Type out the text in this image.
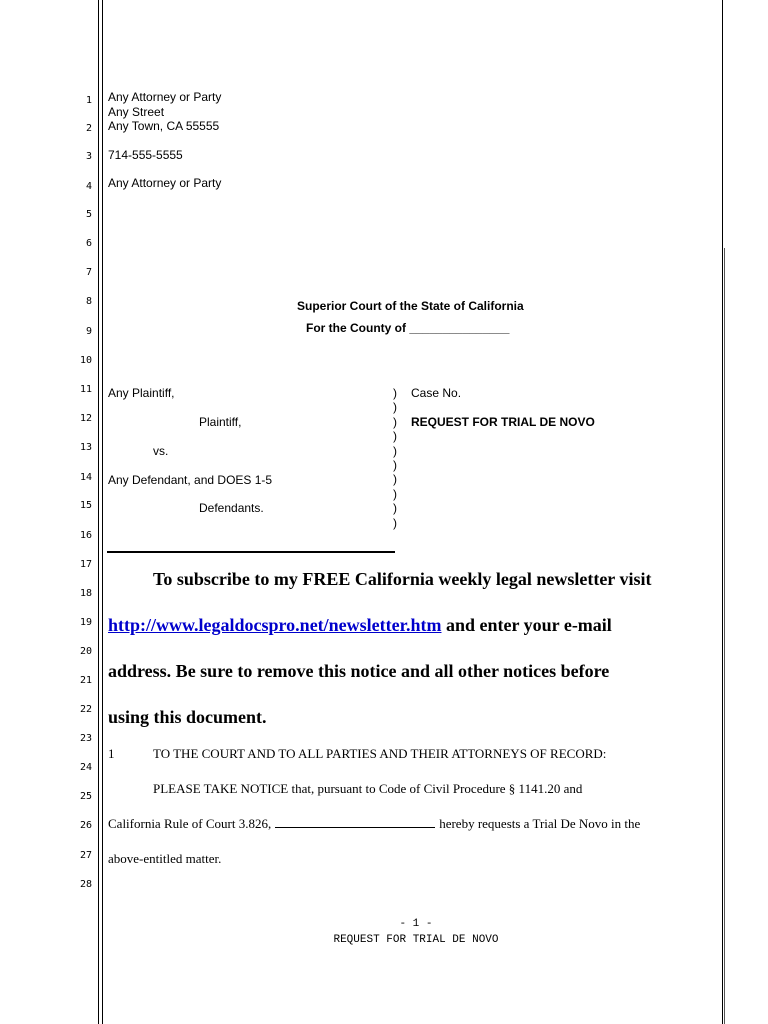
1
2
3
4
5
6
7
8
9
10
11
12
13
14
15
16
17
18
19
20
21
22
23
24
25
26
27
28
Any Attorney or Party
Any Street
Any Town, CA 55555
714-555-5555
Any Attorney or Party
Superior Court of the State of California
For the County of _______________
Any Plaintiff,
Plaintiff,
vs.
Any Defendant, and DOES 1-5
Defendants.
)
)
)
)
)
)
)
)
)
)
Case No.
REQUEST FOR TRIAL DE NOVO
To subscribe to my FREE California weekly legal newsletter visit
http://www.legaldocspro.net/newsletter.htm and enter your e-mail
address. Be sure to remove this notice and all other notices before
using this document.
1	TO THE COURT AND TO ALL PARTIES AND THEIR ATTORNEYS OF RECORD:
PLEASE TAKE NOTICE that, pursuant to Code of Civil Procedure § 1141.20 and
California Rule of Court 3.826,	hereby requests a Trial De Novo in the
above-entitled matter.
- 1 -
REQUEST FOR TRIAL DE NOVO
